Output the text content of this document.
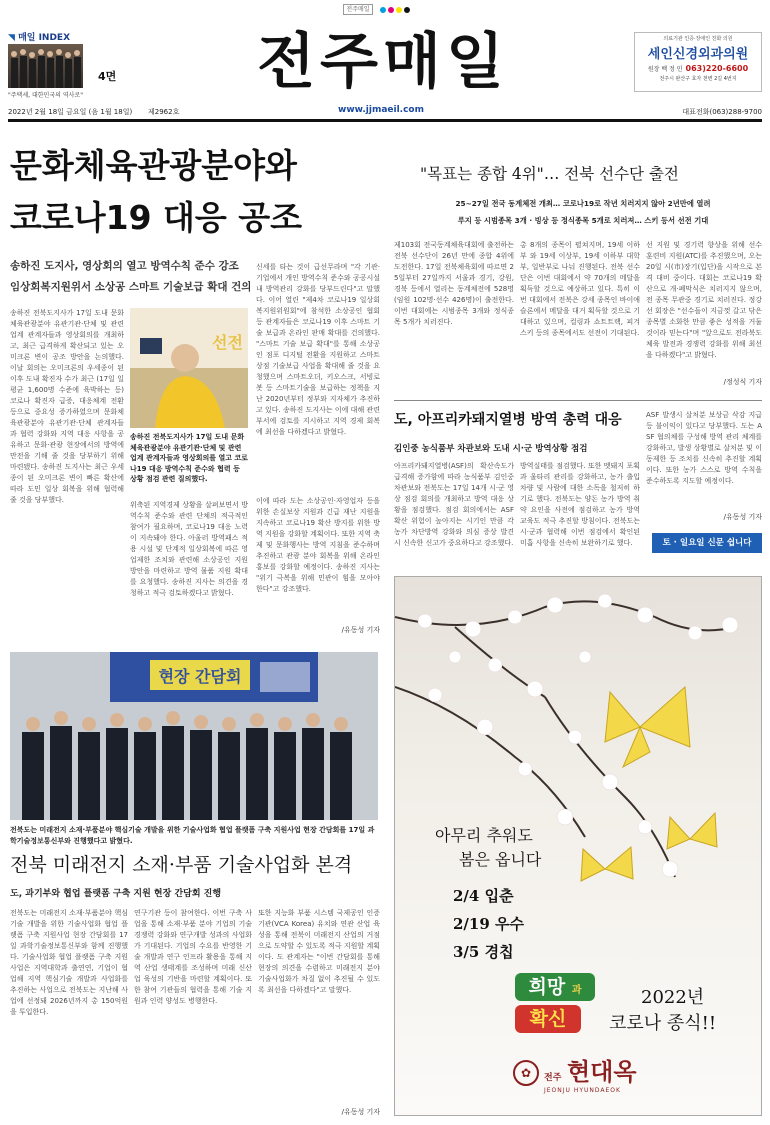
전주매일
◥ 매일 INDEX
4면
"주택세, 대한민국의 역사로"	전주매일	의료기관 인증·장애인 친화 의원
세인신경외과의원
원장 백 정 민 063)220-6600
전주시 완산구 효자 천변 2길 4번지
2022년 2월 18일 금요일 (음 1월 18일) 제2962호	www.jjmaeil.com	대표전화(063)288-9700
문화체육관광분야와
코로나19 대응 공조
송하진 도지사, 영상회의 열고 방역수칙 준수 강조
임상회복지원위서 소상공 스마트 기술보급 확대 건의
송하진 전북도지사가 17일 도내 문화체육관광분야 유관기관·단체 및 관련업계 관계자들과 영상회의를 개최하고, 최근 급격하게 확산되고 있는 오미크론 변이 공조 방안을 논의했다. 이날 회의는 오미크론의 우세종이 된 이후 도내 확진자 수가 최근 (17일 일평균 1,600명 수준에 육박하는 등) 코로나 확진자 급증, 대응체계 전환 등으로 중요성 증가하였으며 문화체육관광분야 유관기관·단체 관계자들과 협력 강화와 지역 대응 사항을 공유하고 문화·관광 현장에서의 방역에 만전을 기해 줄 것을 당부하기 위해 마련됐다. 송하진 도지사는 최근 우세종이 된 오미크론 변이 빠른 확산에 따라 도민 일상 회복을 위해 협력해 줄 것을 당부했다.
선전
송하진 전북도지사가 17일 도내 문화체육관광분야 유관기관·단체 및 관련업계 관계자들과 영상회의를 열고 코로나19 대응 방역수칙 준수와 협력 등 상황 점검 관련 질의했다.
위축된 지역경제 상황을 살펴보면서 방역수칙 준수와 관련 단체의 적극적인 참여가 필요하며, 코로나19 대응 노력이 지속돼야 한다. 아울러 방역패스 적용 시설 및 단계적 일상회복에 따른 영업제한 조치와 관련해 소상공인 지원 방안을 마련하고 방역 물품 지원 확대를 요청했다. 송하진 지사는 의견을 경청하고 적극 검토하겠다고 밝혔다.
신세를 타는 것이 급선무라며 "각 기관·기업에서 개인 방역수칙 준수와 공공시설 내 방역관리 강화를 당부드린다"고 말했다. 이어 열린 "제4차 코로나19 일상회복지원위원회"에 참석한 소상공인 협회 등 관계자들은 코로나19 이후 스마트 기술 보급과 온라인 판매 확대를 건의했다. "스마트 기술 보급 확대"를 통해 소상공인 점포 디지털 전환을 지원하고 스마트 상점 기술보급 사업을 확대해 줄 것을 요청했으며 스마트오더, 키오스크, 서빙로봇 등 스마트기술을 보급하는 정책을 지난 2020년부터 정부와 지자체가 추진하고 있다. 송하진 도지사는 이에 대해 관련 부서에 검토를 지시하고 지역 경제 회복에 최선을 다하겠다고 밝혔다.
이에 따라 도는 소상공인·자영업자 등을 위한 손실보상 지원과 긴급 재난 지원을 지속하고 코로나19 확산 방지를 위한 방역 지원을 강화할 계획이다. 또한 지역 축제 및 문화행사는 방역 지침을 준수하며 추진하고 관광 분야 회복을 위해 온라인 홍보를 강화할 예정이다. 송하진 지사는 "위기 극복을 위해 민관이 힘을 모아야 한다"고 강조했다.
/유동성 기자
현장 간담회
전북도는 미래전지 소재·부품분야 핵심기술 개발을 위한 기술사업화 협업 플랫폼 구축 지원사업 현장 간담회를 17일 과학기술정보통신부와 진행했다고 밝혔다.
전북 미래전지 소재·부품 기술사업화 본격
도, 과기부와 협업 플랫폼 구축 지원 현장 간담회 진행
전북도는 미래전지 소재·부품분야 핵심기술 개발을 위한 기술사업화 협업 플랫폼 구축 지원사업 현장 간담회를 17일 과학기술정보통신부와 함께 진행했다. 기술사업화 협업 플랫폼 구축 지원사업은 지역대학과 출연연, 기업이 협업해 지역 핵심기술 개발과 사업화를 추진하는 사업으로 전북도는 지난해 사업에 선정돼 2026년까지 총 150억원을 투입한다.
연구기관 등이 참여한다. 이번 구축 사업을 통해 소재·부품 분야 기업의 기술 경쟁력 강화와 연구개발 성과의 사업화가 기대된다. 기업의 수요를 반영한 기술 개발과 연구 인프라 활용을 통해 지역 산업 생태계를 조성하며 미래 신산업 육성의 기반을 마련할 계획이다. 또한 참여 기관들의 협력을 통해 기술 지원과 인력 양성도 병행한다.
또한 지능화 부품 시스템 국제공인 인증기관(VCA Korea) 유치와 연관 산업 육성을 통해 전북이 미래전지 산업의 거점으로 도약할 수 있도록 적극 지원할 계획이다. 도 관계자는 "이번 간담회를 통해 현장의 의견을 수렴하고 미래전지 분야 기술사업화가 차질 없이 추진될 수 있도록 최선을 다하겠다"고 말했다.
/유동성 기자
"목표는 종합 4위"… 전북 선수단 출전
25~27일 전국 동계체전 개최… 코로나19로 작년 치러지지 않아 2년만에 열려
루지 등 시범종목 3개 · 빙상 등 정식종목 5개로 치러져… 스키 등서 선전 기대
제103회 전국동계체육대회에 출전하는 전북 선수단이 26년 만에 종합 4위에 도전한다. 17일 전북체육회에 따르면 25일부터 27일까지 서울과 경기, 강원, 경북 등에서 열리는 동계체전에 528명(임원 102명·선수 426명)이 출전한다. 이번 대회에는 시범종목 3개와 정식종목 5개가 치러진다.
총 8개의 종목이 펼쳐지며, 19세 이하부 와 19세 이상부, 19세 이하부 대학부, 일반부로 나눠 진행된다. 전북 선수단은 이번 대회에서 약 70개의 메달을 획득할 것으로 예상하고 있다. 특히 이번 대회에서 전북은 강세 종목인 바이애슬론에서 메달을 대거 획득할 것으로 기대하고 있으며, 컬링과 쇼트트랙, 피겨 스키 등의 종목에서도 선전이 기대된다.
선 지원 및 경기력 향상을 위해 선수 훈련비 지원(ATC)를 추진했으며, 오는 20일 시(市)장기(입단)을 시작으로 본격 대비 중이다. 대회는 코로나19 확산으로 개·폐막식은 치러지지 않으며, 전 종목 무관중 경기로 치러진다. 정강선 회장은 "선수들이 지금껏 갈고 닦은 종목별 소화한 만큼 좋은 성적을 거둘 것이라 믿는다"며 "앞으로도 전라북도 체육 발전과 경쟁력 강화를 위해 최선을 다하겠다"고 밝혔다.
/정성식 기자
도, 아프리카돼지열병 방역 총력 대응
김인중 농식품부 차관보와 도내 시·군 방역상황 점검
아프리카돼지열병(ASF)의 확산속도가 급격해 증가함에 따라 농식품부 김인중 차관보와 전북도는 17일 14개 시·군 영상 점검 회의를 개최하고 방역 대응 상황을 점검했다. 점검 회의에서는 ASF 확산 위험이 높아지는 시기인 만큼 각 농가 차단방역 강화와 의심 증상 발견 시 신속한 신고가 중요하다고 강조했다.
방역실태를 점검했다. 또한 멧돼지 포획과 울타리 관리를 강화하고, 농가 출입 차량 및 사람에 대한 소독을 철저히 하기로 했다. 전북도는 양돈 농가 방역 취약 요인을 사전에 점검하고 농가 방역 교육도 적극 추진할 방침이다. 전북도는 시·군과 협력해 이번 점검에서 확인된 미흡 사항을 신속히 보완하기로 했다.
ASF 발생시 살처분 보상금 삭감 지급 등 불이익이 있다고 당부했다. 도는 ASF 협의체를 구성해 방역 관리 체계를 강화하고, 발생 상황별로 살처분 및 이동제한 등 조치를 신속히 추진할 계획이다. 또한 농가 스스로 방역 수칙을 준수하도록 지도할 예정이다.
/유동성 기자
토 · 일요일 신문 쉽니다
아무리 추워도
봄은 옵니다
2/4 입춘
2/19 우수
3/5 경칩
희망 과
확신
2022년
코로나 종식!!
✿	전주 현대옥
JEONJU HYUNDAEOK
